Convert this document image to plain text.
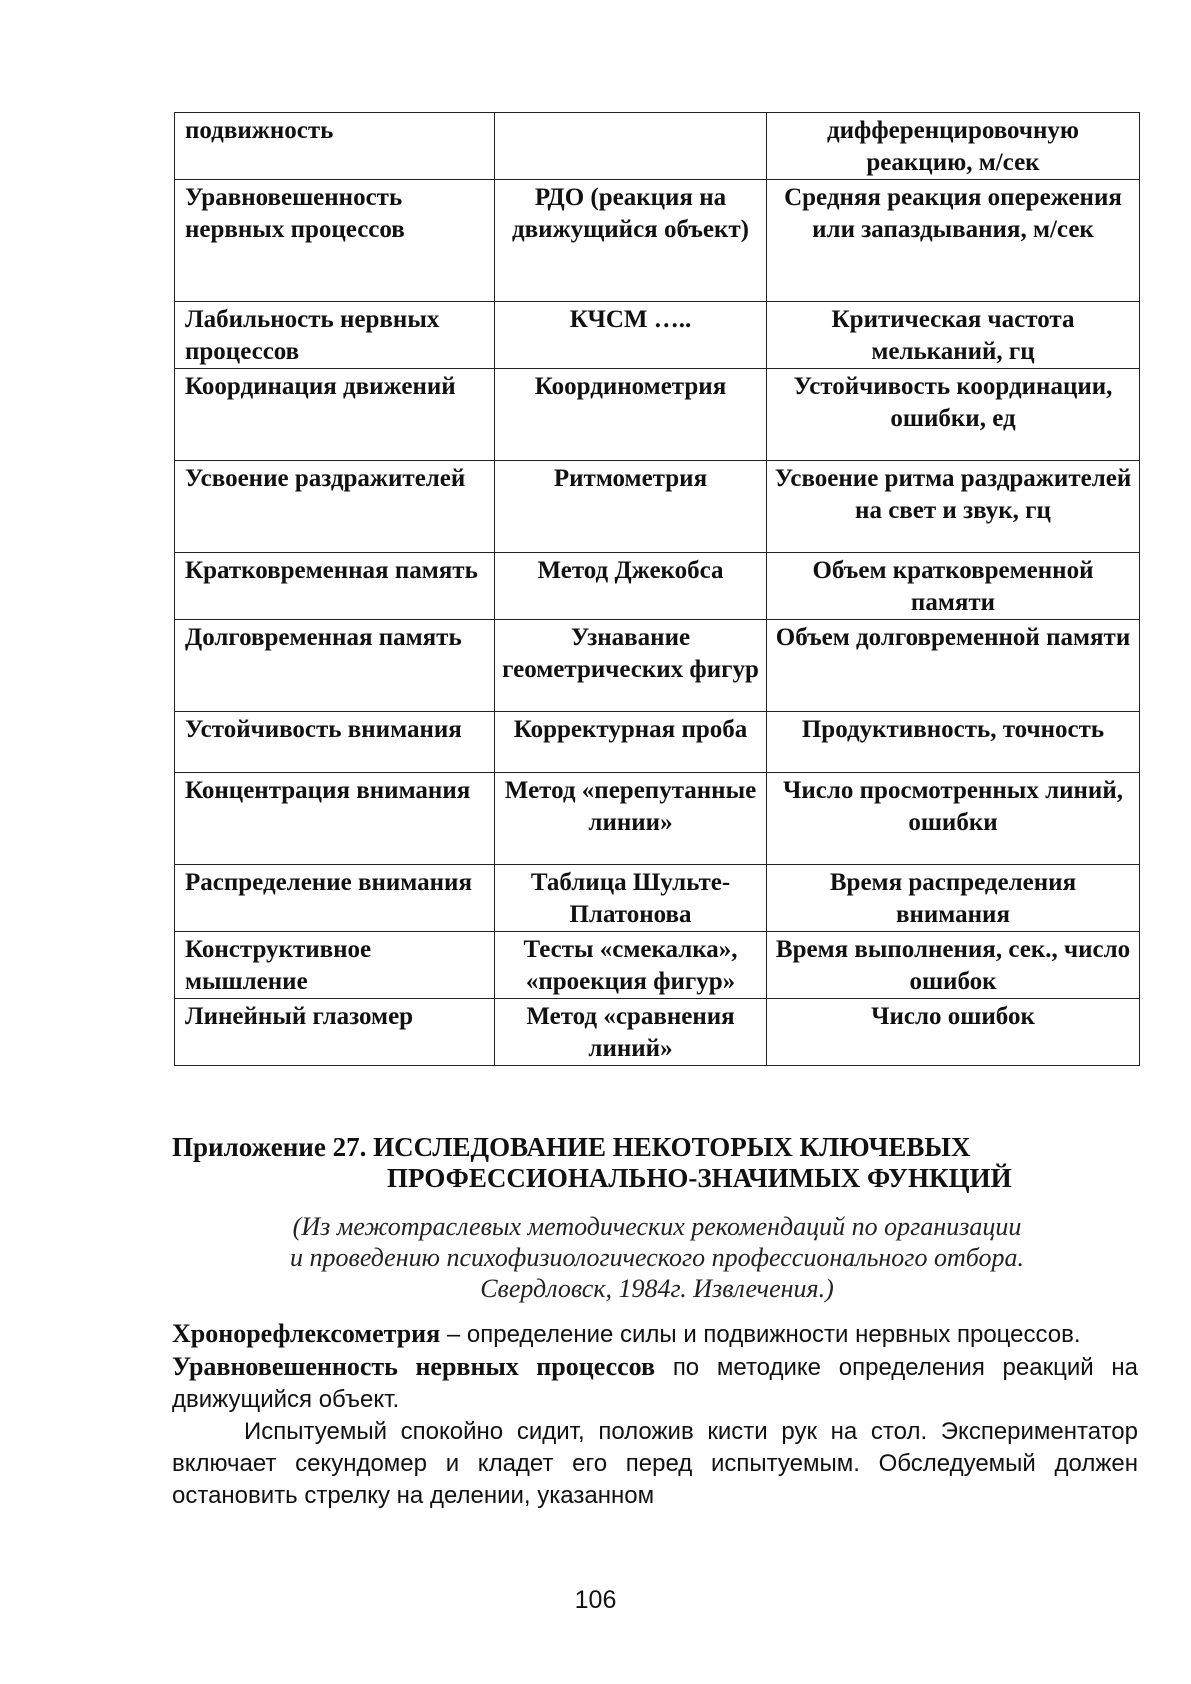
подвижность		дифференцировочную реакцию, м/сек
Уравновешенность нервных процессов	РДО (реакция на движущийся объект)	Средняя реакция опережения или запаздывания, м/сек
Лабильность нервных процессов	КЧСМ …..	Критическая частота мельканий, гц
Координация движений	Координометрия	Устойчивость координации, ошибки, ед
Усвоение раздражителей	Ритмометрия	Усвоение ритма раздражителей на свет и звук, гц
Кратковременная память	Метод Джекобса	Объем кратковременной памяти
Долговременная память	Узнавание геометрических фигур	Объем долговременной памяти
Устойчивость внимания	Корректурная проба	Продуктивность, точность
Концентрация внимания	Метод «перепутанные линии»	Число просмотренных линий, ошибки
Распределение внимания	Таблица Шульте-Платонова	Время распределения внимания
Конструктивное мышление	Тесты «смекалка», «проекция фигур»	Время выполнения, сек., число ошибок
Линейный глазомер	Метод «сравнения линий»	Число ошибок
Приложение 27. ИССЛЕДОВАНИЕ НЕКОТОРЫХ КЛЮЧЕВЫХ
ПРОФЕССИОНАЛЬНО-ЗНАЧИМЫХ ФУНКЦИЙ
(Из межотраслевых методических рекомендаций по организации
и проведению психофизиологического профессионального отбора.
Свердловск, 1984г. Извлечения.)

Хронорефлексометрия – определение силы и подвижности нервных процессов.

Уравновешенность нервных процессов по методике определения реакций на движущийся объект.

Испытуемый спокойно сидит, положив кисти рук на стол. Экспериментатор включает секундомер и кладет его перед испытуемым. Обследуемый должен остановить стрелку на делении, указанном

106
